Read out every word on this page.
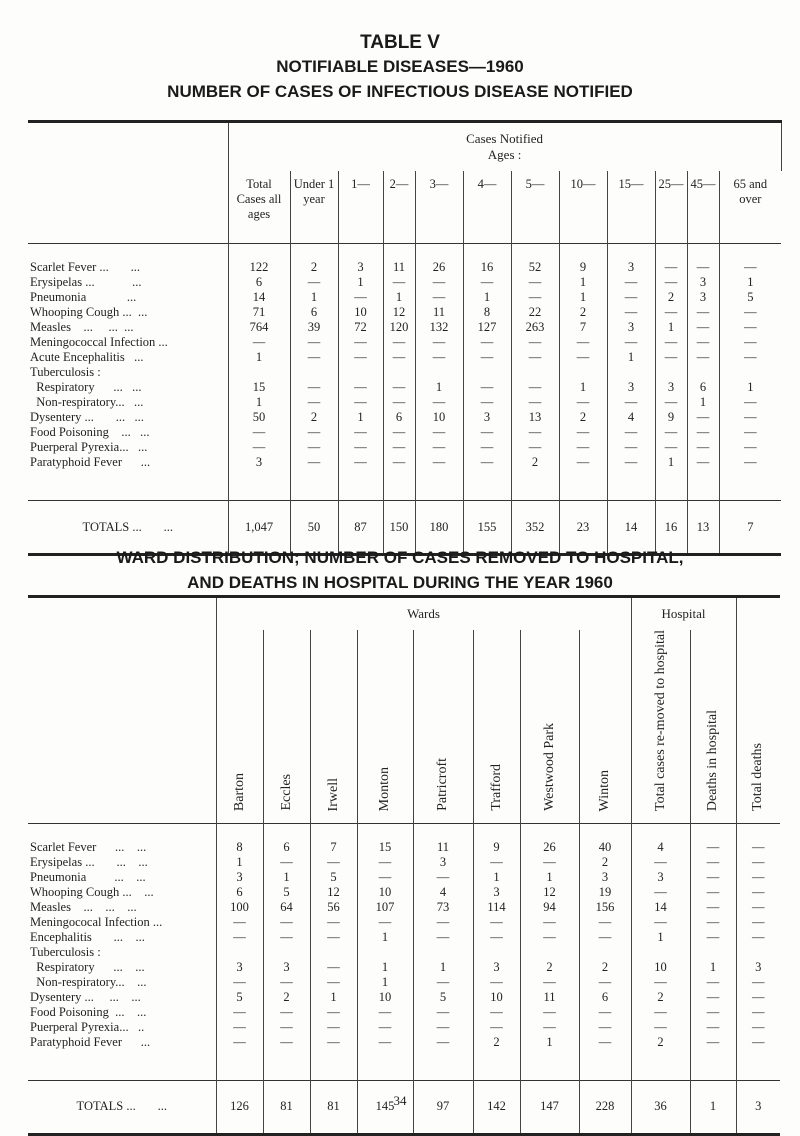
TABLE V
NOTIFIABLE DISEASES—1960
NUMBER OF CASES OF INFECTIOUS DISEASE NOTIFIED

	Cases Notified
Ages :											

	Total Cases all ages	Under 1 year	1—	2—	3—	4—	5—	10—	15—	25—	45—	65 and over
Scarlet Fever ...       ...	122	2	3	11	26	16	52	9	3	—	—	—
Erysipelas ...            ...	6	—	1	—	—	—	—	1	—	—	3	1
Pneumonia             ...	14	1	—	1	—	1	—	1	—	2	3	5
Whooping Cough ...  ...	71	6	10	12	11	8	22	2	—	—	—	—
Measles    ...     ...  ...	764	39	72	120	132	127	263	7	3	1	—	—
Meningococcal Infection ...	—	—	—	—	—	—	—	—	—	—	—	—
Acute Encephalitis   ...	1	—	—	—	—	—	—	—	1	—	—	—
Tuberculosis :												
Respiratory      ...   ...	15	—	—	—	1	—	—	1	3	3	6	1
Non-respiratory...   ...	1	—	—	—	—	—	—	—	—	—	1	—
Dysentery ...       ...   ...	50	2	1	6	10	3	13	2	4	9	—	—
Food Poisoning    ...   ...	—	—	—	—	—	—	—	—	—	—	—	—
Puerperal Pyrexia...   ...	—	—	—	—	—	—	—	—	—	—	—	—
Paratyphoid Fever      ...	3	—	—	—	—	—	2	—	—	1	—	—

TOTALS ...       ...	1,047	50	87	150	180	155	352	23	14	16	13	7
WARD DISTRIBUTION; NUMBER OF CASES REMOVED TO HOSPITAL,
AND DEATHS IN HOSPITAL DURING THE YEAR 1960
	Wards								Hospital		
	Barton	Eccles	Irwell	Monton	Patricroft	Trafford	Westwood Park	Winton	Total cases re-moved to hospital	Deaths in hospital	Total deaths
Scarlet Fever      ...    ...	8	6	7	15	11	9	26	40	4	—	—
Erysipelas ...       ...    ...	1	—	—	—	3	—	—	2	—	—	—
Pneumonia         ...    ...	3	1	5	—	—	1	1	3	3	—	—
Whooping Cough ...    ...	6	5	12	10	4	3	12	19	—	—	—
Measles    ...    ...    ...	100	64	56	107	73	114	94	156	14	—	—
Meningococal Infection ...	—	—	—	—	—	—	—	—	—	—	—
Encephalitis       ...    ...	—	—	—	1	—	—	—	—	1	—	—
Tuberculosis :											
Respiratory      ...    ...	3	3	—	1	1	3	2	2	10	1	3
Non-respiratory...    ...	—	—	—	1	—	—	—	—	—	—	—
Dysentery ...     ...    ...	5	2	1	10	5	10	11	6	2	—	—
Food Poisoning  ...    ...	—	—	—	—	—	—	—	—	—	—	—
Puerperal Pyrexia...   ..	—	—	—	—	—	—	—	—	—	—	—
Paratyphoid Fever      ...	—	—	—	—	—	2	1	—	2	—	—

TOTALS ...       ...	126	81	81	145	97	142	147	228	36	1	3
34
